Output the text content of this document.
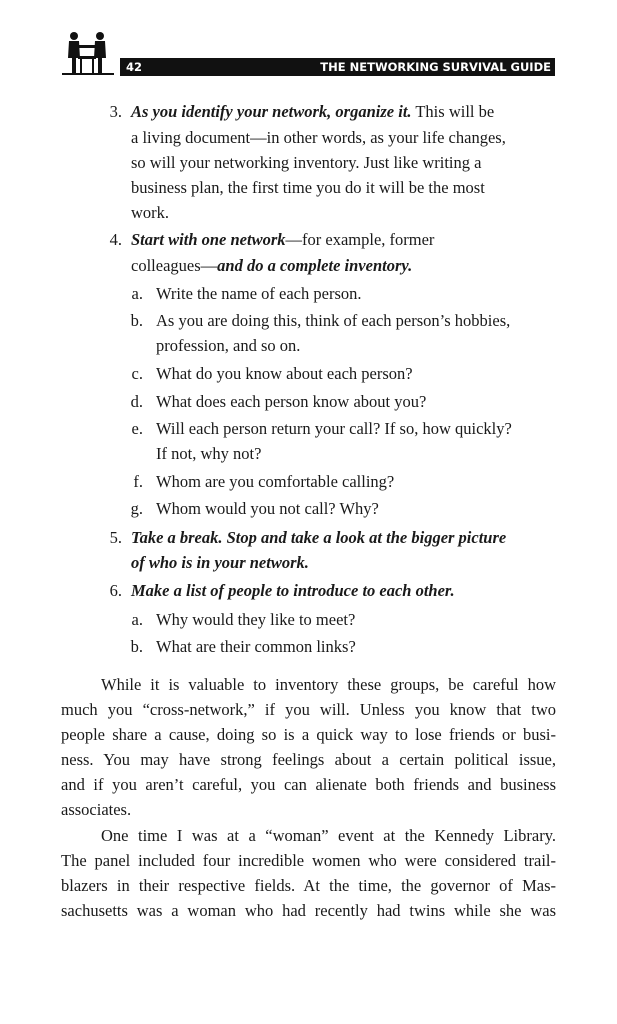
42	THE NETWORKING SURVIVAL GUIDE
3. As you identify your network, organize it. This will be
a living document—in other words, as your life changes,
so will your networking inventory. Just like writing a
business plan, the first time you do it will be the most
work.
4. Start with one network—for example, former
colleagues—and do a complete inventory.
a. Write the name of each person.
b. As you are doing this, think of each person’s hobbies,
profession, and so on.
c. What do you know about each person?
d. What does each person know about you?
e. Will each person return your call? If so, how quickly?
If not, why not?
f. Whom are you comfortable calling?
g. Whom would you not call? Why?
5. Take a break. Stop and take a look at the bigger picture
of who is in your network.
6. Make a list of people to introduce to each other.
a. Why would they like to meet?
b. What are their common links?
While it is valuable to inventory these groups, be careful how
much you “cross-network,” if you will. Unless you know that two
people share a cause, doing so is a quick way to lose friends or busi-
ness. You may have strong feelings about a certain political issue,
and if you aren’t careful, you can alienate both friends and business
associates.
One time I was at a “woman” event at the Kennedy Library.
The panel included four incredible women who were considered trail-
blazers in their respective fields. At the time, the governor of Mas-
sachusetts was a woman who had recently had twins while she was
